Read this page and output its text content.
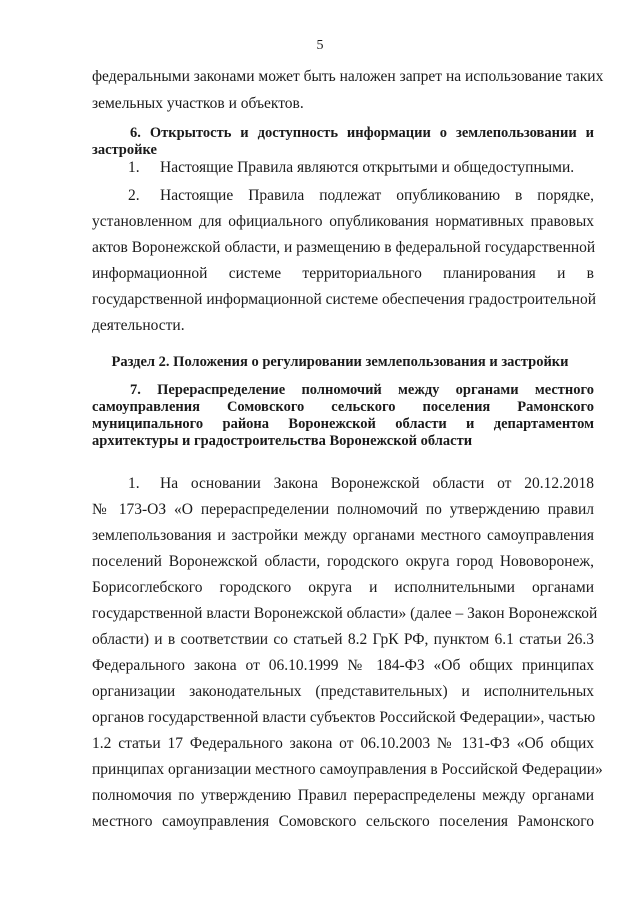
5
федеральными законами может быть наложен запрет на использование таких
земельных участков и объектов.
6. Открытость и доступность информации о землепользовании и
застройке
1. Настоящие Правила являются открытыми и общедоступными.
2. Настоящие Правила подлежат опубликованию в порядке,
установленном для официального опубликования нормативных правовых
актов Воронежской области, и размещению в федеральной государственной
информационной системе территориального планирования и в
государственной информационной системе обеспечения градостроительной
деятельности.
Раздел 2. Положения о регулировании землепользования и застройки
7. Перераспределение полномочий между органами местного
самоуправления Сомовского сельского поселения Рамонского
муниципального района Воронежской области и департаментом
архитектуры и градостроительства Воронежской области
1. На основании Закона Воронежской области от 20.12.2018
№ 173-ОЗ «О перераспределении полномочий по утверждению правил
землепользования и застройки между органами местного самоуправления
поселений Воронежской области, городского округа город Нововоронеж,
Борисоглебского городского округа и исполнительными органами
государственной власти Воронежской области» (далее – Закон Воронежской
области) и в соответствии со статьей 8.2 ГрК РФ, пунктом 6.1 статьи 26.3
Федерального закона от 06.10.1999 № 184-ФЗ «Об общих принципах
организации законодательных (представительных) и исполнительных
органов государственной власти субъектов Российской Федерации», частью
1.2 статьи 17 Федерального закона от 06.10.2003 № 131-ФЗ «Об общих
принципах организации местного самоуправления в Российской Федерации»
полномочия по утверждению Правил перераспределены между органами
местного самоуправления Сомовского сельского поселения Рамонского
